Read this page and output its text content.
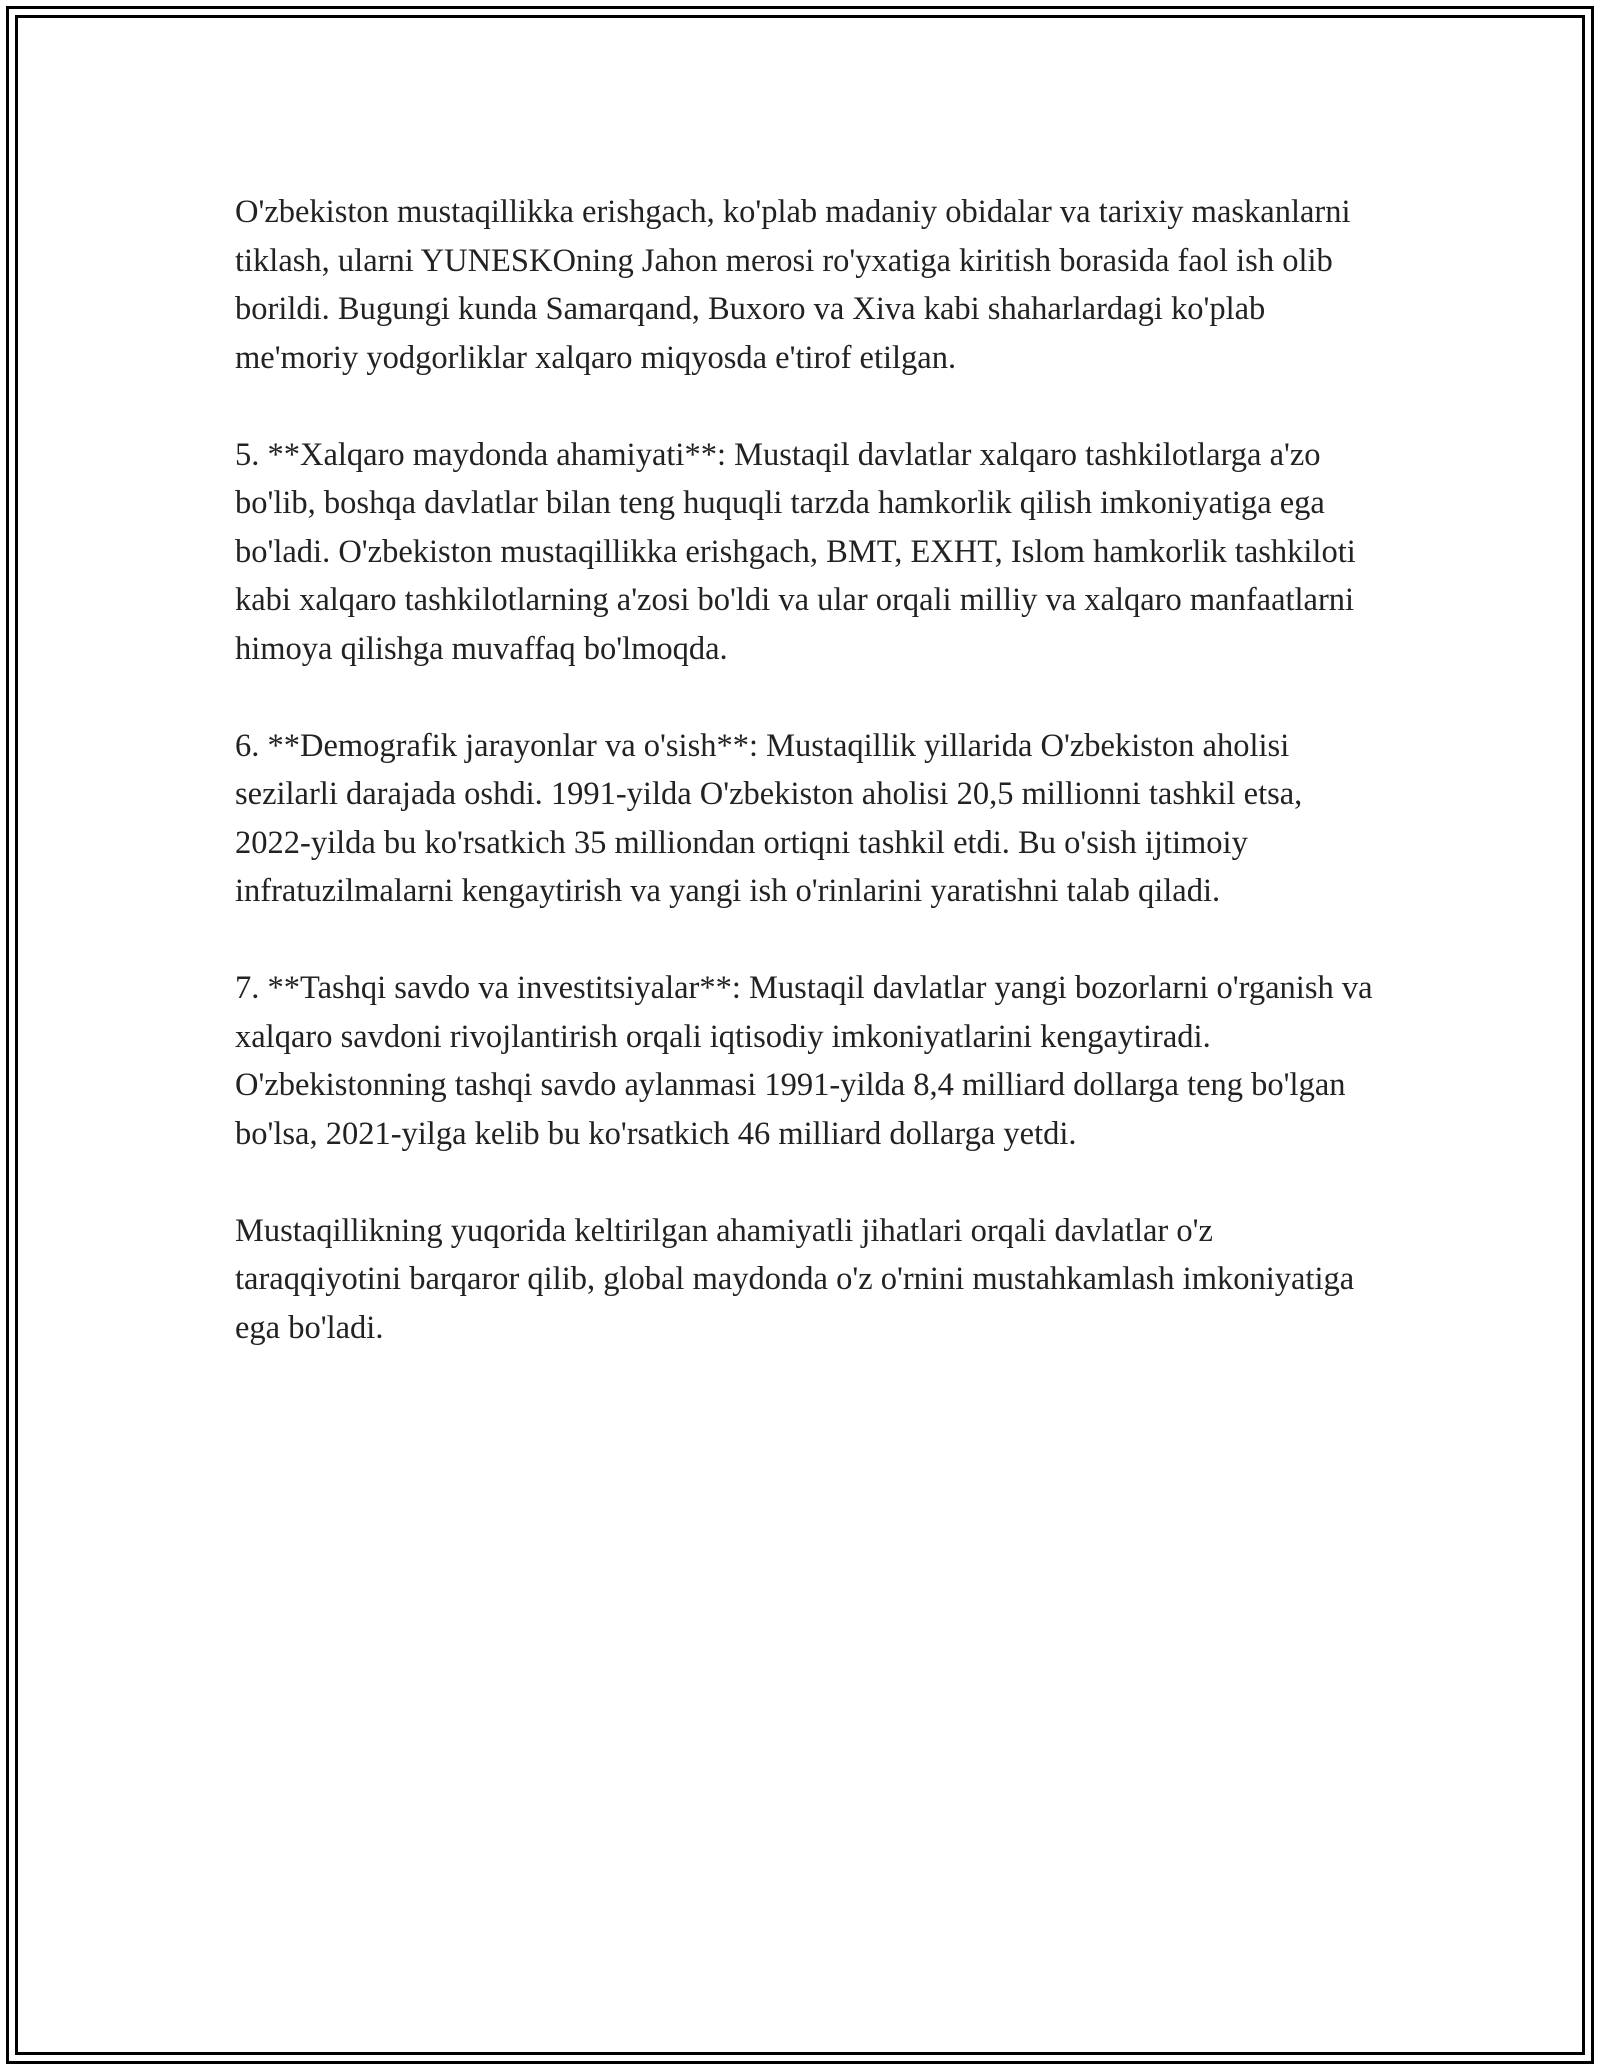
O'zbekiston mustaqillikka erishgach, ko'plab madaniy obidalar va tarixiy maskanlarni tiklash, ularni YUNESKOning Jahon merosi ro'yxatiga kiritish borasida faol ish olib borildi. Bugungi kunda Samarqand, Buxoro va Xiva kabi shaharlardagi ko'plab me'moriy yodgorliklar xalqaro miqyosda e'tirof etilgan.

5. **Xalqaro maydonda ahamiyati**: Mustaqil davlatlar xalqaro tashkilotlarga a'zo bo'lib, boshqa davlatlar bilan teng huquqli tarzda hamkorlik qilish imkoniyatiga ega bo'ladi. O'zbekiston mustaqillikka erishgach, BMT, EXHT, Islom hamkorlik tashkiloti kabi xalqaro tashkilotlarning a'zosi bo'ldi va ular orqali milliy va xalqaro manfaatlarni himoya qilishga muvaffaq bo'lmoqda.

6. **Demografik jarayonlar va o'sish**: Mustaqillik yillarida O'zbekiston aholisi sezilarli darajada oshdi. 1991-yilda O'zbekiston aholisi 20,5 millionni tashkil etsa, 2022-yilda bu ko'rsatkich 35 milliondan ortiqni tashkil etdi. Bu o'sish ijtimoiy infratuzilmalarni kengaytirish va yangi ish o'rinlarini yaratishni talab qiladi.

7. **Tashqi savdo va investitsiyalar**: Mustaqil davlatlar yangi bozorlarni o'rganish va xalqaro savdoni rivojlantirish orqali iqtisodiy imkoniyatlarini kengaytiradi. O'zbekistonning tashqi savdo aylanmasi 1991-yilda 8,4 milliard dollarga teng bo'lgan bo'lsa, 2021-yilga kelib bu ko'rsatkich 46 milliard dollarga yetdi.

Mustaqillikning yuqorida keltirilgan ahamiyatli jihatlari orqali davlatlar o'z taraqqiyotini barqaror qilib, global maydonda o'z o'rnini mustahkamlash imkoniyatiga ega bo'ladi.
